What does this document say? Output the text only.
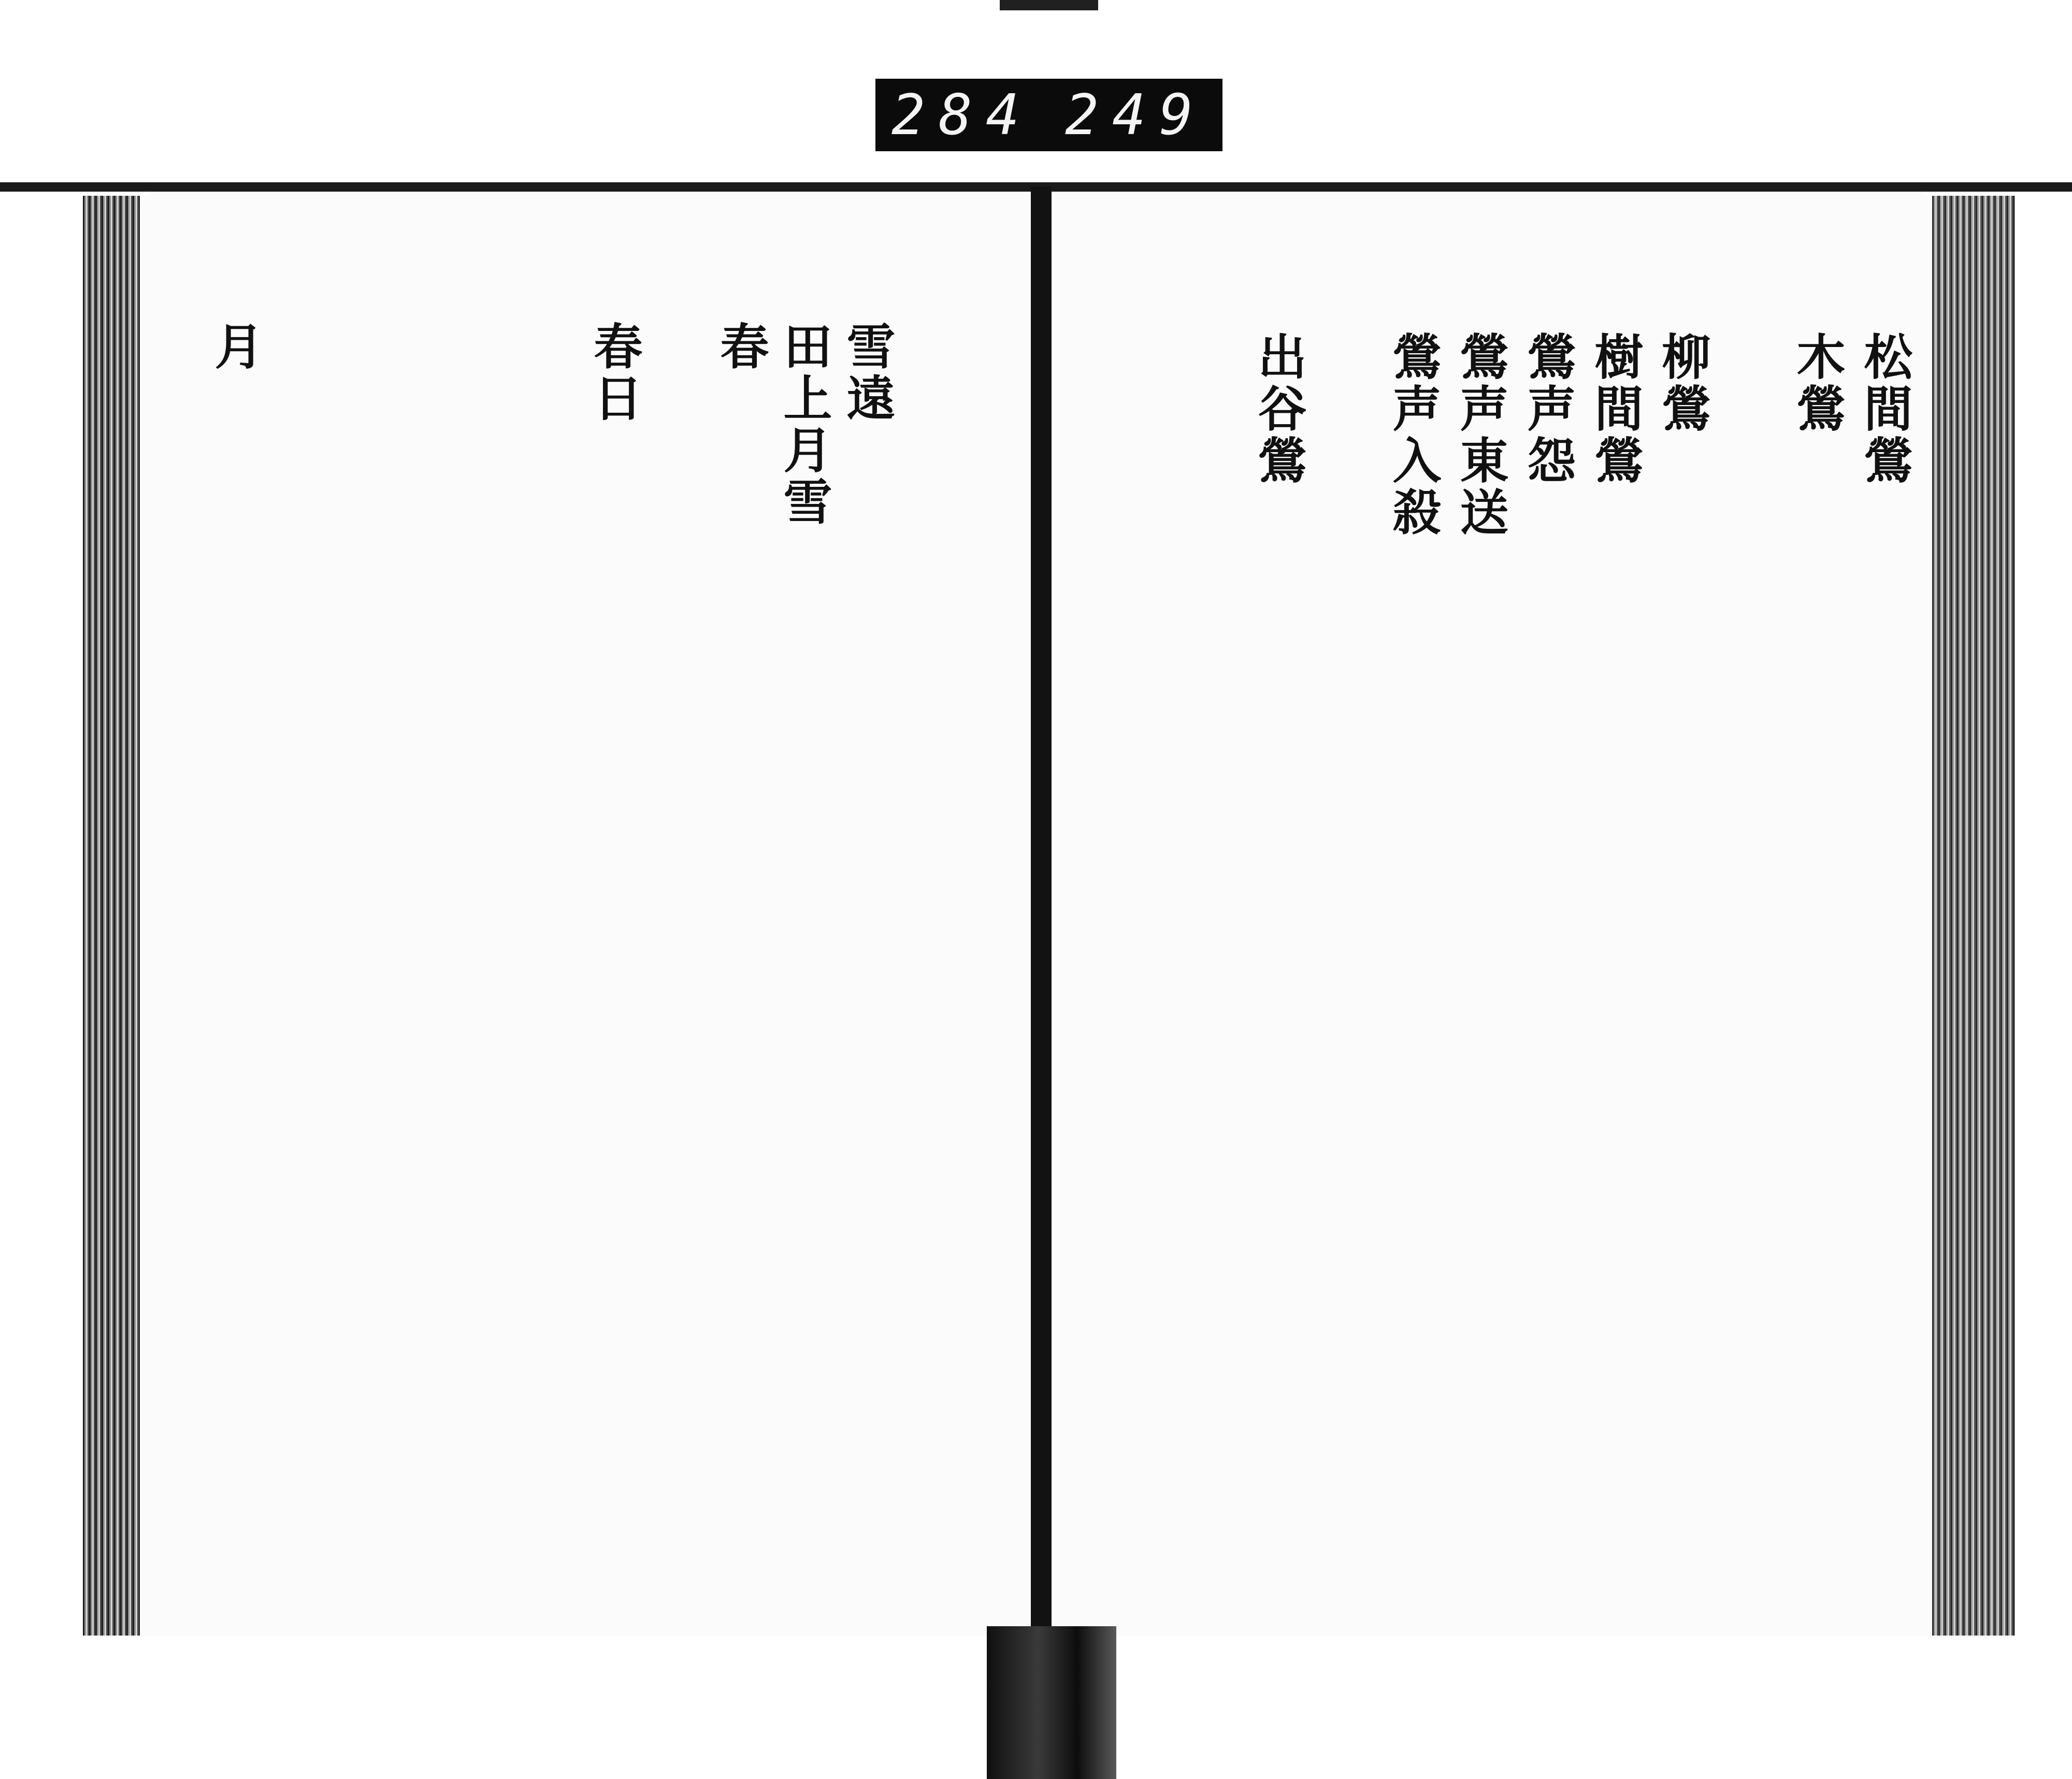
284 249
雪遠
田上月雪
春
春日
月	松間鶯
木鶯
柳鶯
樹間鶯
鶯声怨
鶯声東送
鶯声入殺
出谷鶯
